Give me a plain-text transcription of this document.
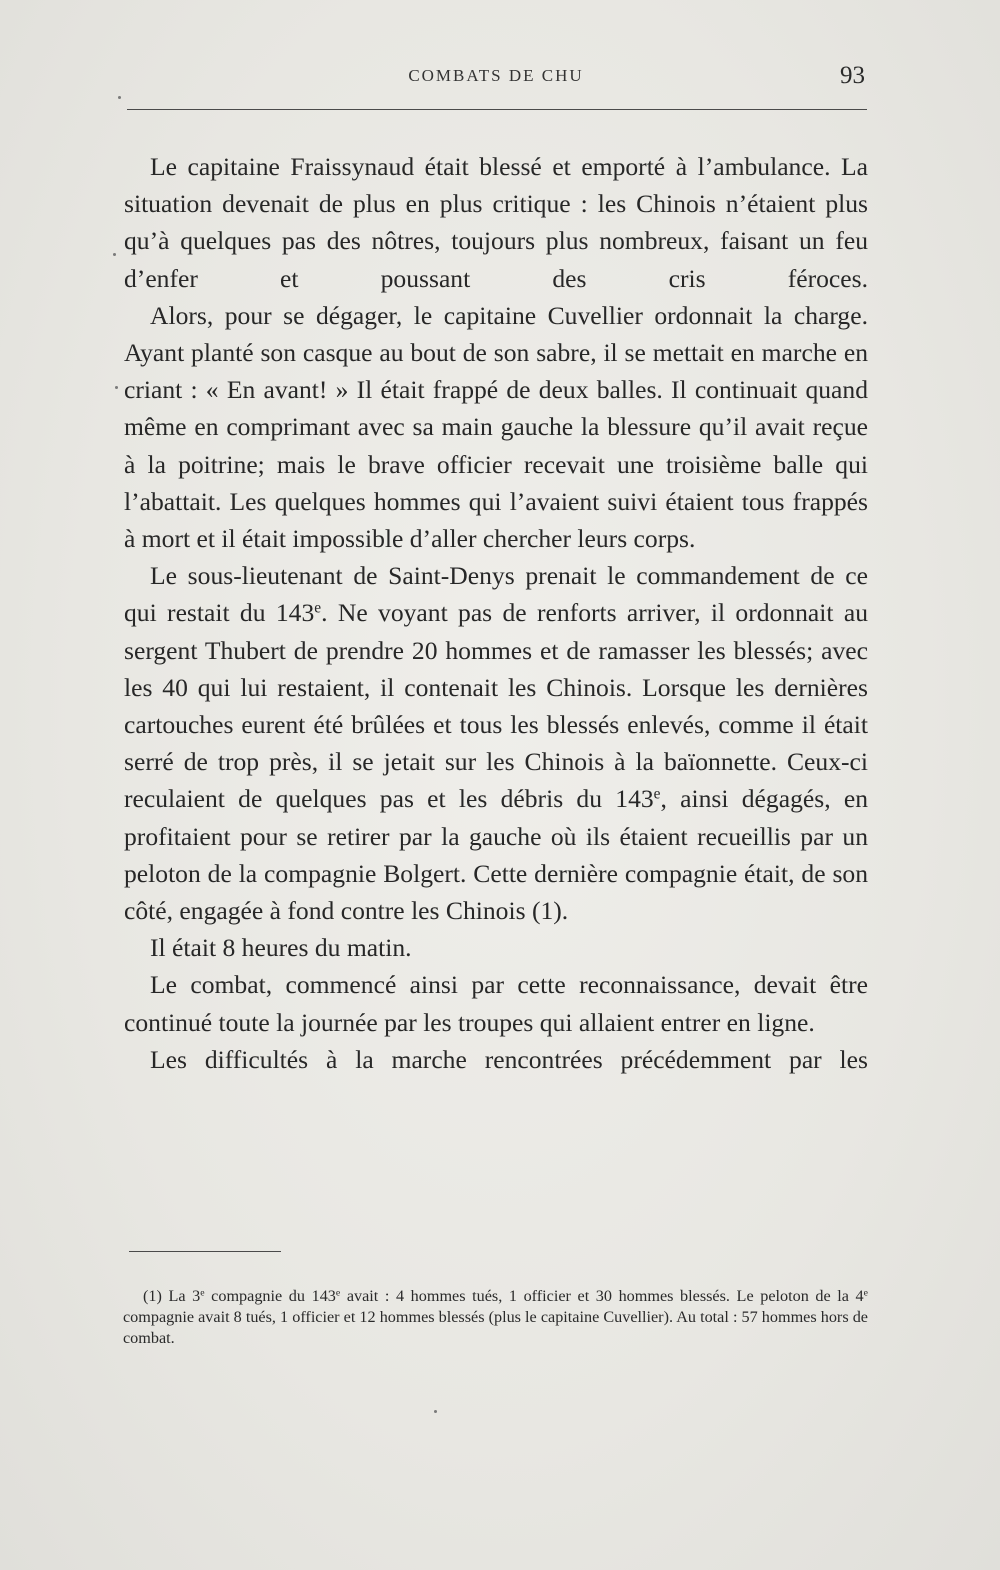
COMBATS DE CHU	93

Le capitaine Fraissynaud était blessé et emporté à l’ambulance. La situation devenait de plus en plus critique : les Chinois n’étaient plus qu’à quelques pas des nôtres, toujours plus nombreux, faisant un feu d’enfer et poussant des cris féroces.

Alors, pour se dégager, le capitaine Cuvellier ordonnait la charge. Ayant planté son casque au bout de son sabre, il se mettait en marche en criant : « En avant! » Il était frappé de deux balles. Il continuait quand même en comprimant avec sa main gauche la blessure qu’il avait reçue à la poitrine; mais le brave officier recevait une troisième balle qui l’abattait. Les quelques hommes qui l’avaient suivi étaient tous frappés à mort et il était impossible d’aller chercher leurs corps.

Le sous-lieutenant de Saint-Denys prenait le commandement de ce qui restait du 143e. Ne voyant pas de renforts arriver, il ordonnait au sergent Thubert de prendre 20 hommes et de ramasser les blessés; avec les 40 qui lui restaient, il contenait les Chinois. Lorsque les dernières cartouches eurent été brûlées et tous les blessés enlevés, comme il était serré de trop près, il se jetait sur les Chinois à la baïonnette. Ceux-ci reculaient de quelques pas et les débris du 143e, ainsi dégagés, en profitaient pour se retirer par la gauche où ils étaient recueillis par un peloton de la compagnie Bolgert. Cette dernière compagnie était, de son côté, engagée à fond contre les Chinois (1).

Il était 8 heures du matin.

Le combat, commencé ainsi par cette reconnaissance, devait être continué toute la journée par les troupes qui allaient entrer en ligne.

Les difficultés à la marche rencontrées précédemment par les

(1) La 3e compagnie du 143e avait : 4 hommes tués, 1 officier et 30 hommes blessés. Le peloton de la 4e compagnie avait 8 tués, 1 officier et 12 hommes blessés (plus le capitaine Cuvellier). Au total : 57 hommes hors de combat.
